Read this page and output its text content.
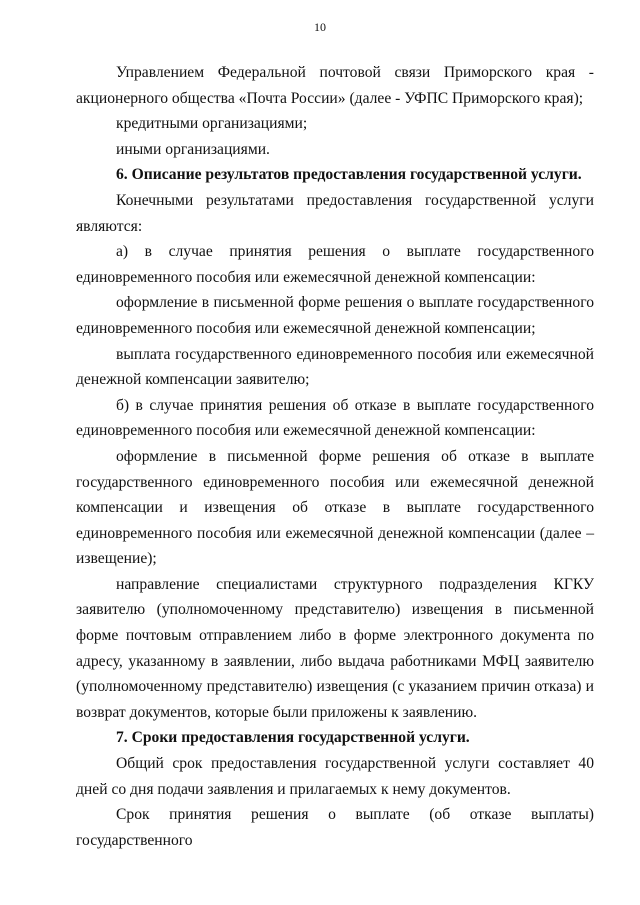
10

Управлением Федеральной почтовой связи Приморского края - акционерного общества «Почта России» (далее - УФПС Приморского края);

кредитными организациями;

иными организациями.

6. Описание результатов предоставления государственной услуги.

Конечными результатами предоставления государственной услуги являются:

а) в случае принятия решения о выплате государственного единовременного пособия или ежемесячной денежной компенсации:

оформление в письменной форме решения о выплате государственного единовременного пособия или ежемесячной денежной компенсации;

выплата государственного единовременного пособия или ежемесячной денежной компенсации заявителю;

б) в случае принятия решения об отказе в выплате государственного единовременного пособия или ежемесячной денежной компенсации:

оформление в письменной форме решения об отказе в выплате государственного единовременного пособия или ежемесячной денежной компенсации и извещения об отказе в выплате государственного единовременного пособия или ежемесячной денежной компенсации (далее – извещение);

направление специалистами структурного подразделения КГКУ заявителю (уполномоченному представителю) извещения в письменной форме почтовым отправлением либо в форме электронного документа по адресу, указанному в заявлении, либо выдача работниками МФЦ заявителю (уполномоченному представителю) извещения (с указанием причин отказа) и возврат документов, которые были приложены к заявлению.

7. Сроки предоставления государственной услуги.

Общий срок предоставления государственной услуги составляет 40 дней со дня подачи заявления и прилагаемых к нему документов.

Срок принятия решения о выплате (об отказе выплаты) государственного
